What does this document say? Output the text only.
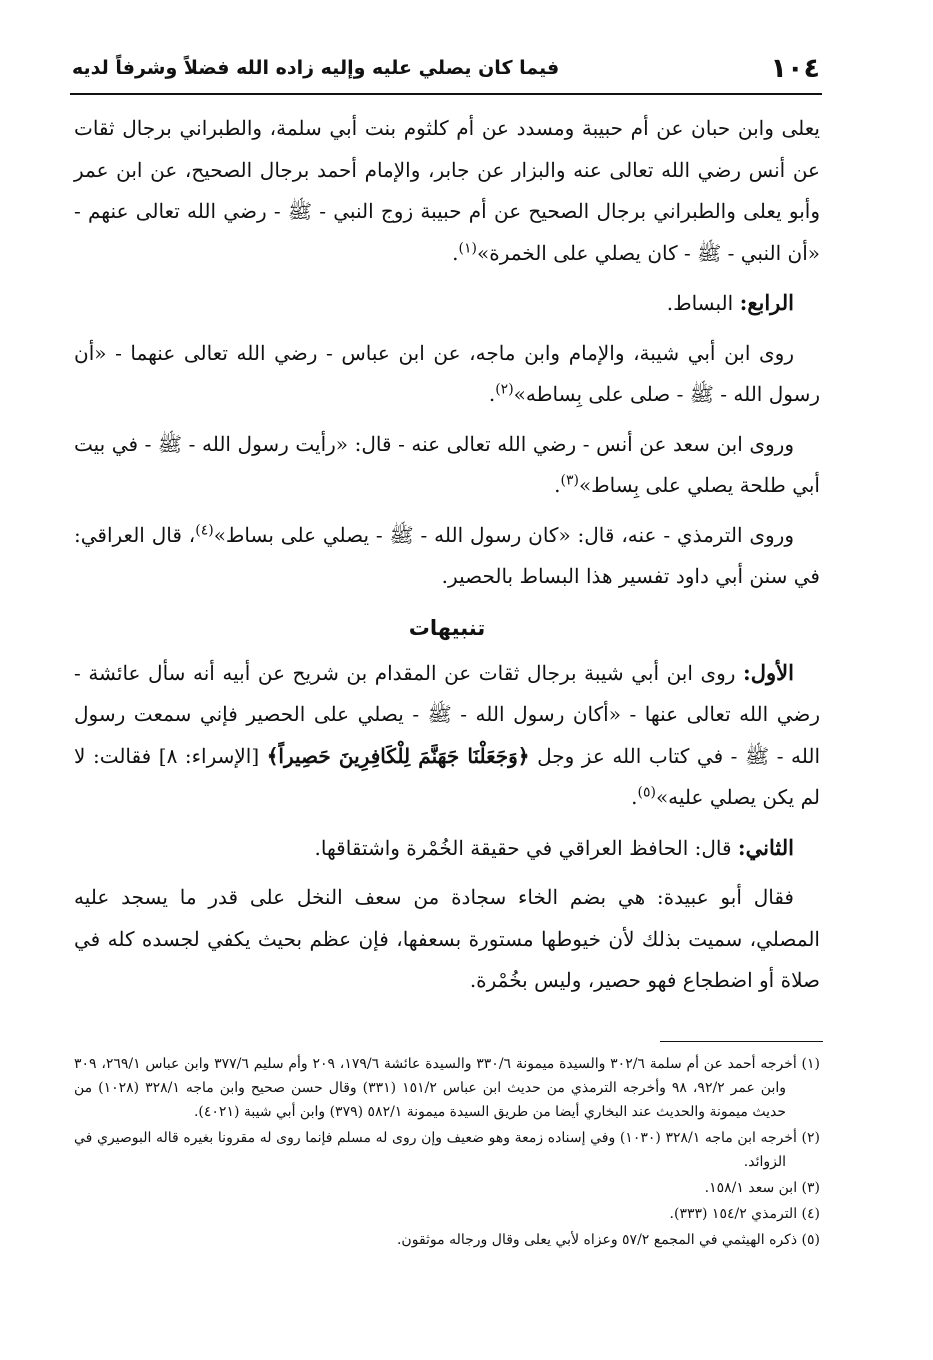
١٠٤
فيما كان يصلي عليه وإليه زاده الله فضلاً وشرفاً لديه

يعلى وابن حبان عن أم حبيبة ومسدد عن أم كلثوم بنت أبي سلمة، والطبراني برجال ثقات عن أنس رضي الله تعالى عنه والبزار عن جابر، والإمام أحمد برجال الصحيح، عن ابن عمر وأبو يعلى والطبراني برجال الصحيح عن أم حبيبة زوج النبي - ﷺ - رضي الله تعالى عنهم - «أن النبي - ﷺ - كان يصلي على الخمرة»$^{(١)}$.

الرابع: البساط.

روى ابن أبي شيبة، والإمام وابن ماجه، عن ابن عباس - رضي الله تعالى عنهما - «أن رسول الله - ﷺ - صلى على بِساطه»$^{(٢)}$.

وروى ابن سعد عن أنس - رضي الله تعالى عنه - قال: «رأيت رسول الله - ﷺ - في بيت أبي طلحة يصلي على بِساط»$^{(٣)}$.

وروى الترمذي - عنه، قال: «كان رسول الله - ﷺ - يصلي على بساط»$^{(٤)}$، قال العراقي: في سنن أبي داود تفسير هذا البساط بالحصير.

تنبيهات

الأول: روى ابن أبي شيبة برجال ثقات عن المقدام بن شريح عن أبيه أنه سأل عائشة - رضي الله تعالى عنها - «أكان رسول الله - ﷺ - يصلي على الحصير فإني سمعت رسول الله - ﷺ - في كتاب الله عز وجل ﴿وَجَعَلْنَا جَهَنَّمَ لِلْكَافِرِينَ حَصِيراً﴾ [الإسراء: ٨] فقالت: لا لم يكن يصلي عليه»$^{(٥)}$.

الثاني: قال: الحافظ العراقي في حقيقة الخُمْرة واشتقاقها.

فقال أبو عبيدة: هي بضم الخاء سجادة من سعف النخل على قدر ما يسجد عليه المصلي، سميت بذلك لأن خيوطها مستورة بسعفها، فإن عظم بحيث يكفي لجسده كله في صلاة أو اضطجاع فهو حصير، وليس بخُمْرة.

(١) أخرجه أحمد عن أم سلمة ٣٠٢/٦ والسيدة ميمونة ٣٣٠/٦ والسيدة عائشة ١٧٩/٦، ٢٠٩ وأم سليم ٣٧٧/٦ وابن عباس ٢٦٩/١، ٣٠٩ وابن عمر ٩٢/٢، ٩٨ وأخرجه الترمذي من حديث ابن عباس ١٥١/٢ (٣٣١) وقال حسن صحيح وابن ماجه ٣٢٨/١ (١٠٢٨) من حديث ميمونة والحديث عند البخاري أيضا من طريق السيدة ميمونة ٥٨٢/١ (٣٧٩) وابن أبي شيبة (٤٠٢١).

(٢) أخرجه ابن ماجه ٣٢٨/١ (١٠٣٠) وفي إسناده زمعة وهو ضعيف وإن روى له مسلم فإنما روى له مقرونا بغيره قاله البوصيري في الزوائد.

(٣) ابن سعد ١٥٨/١.

(٤) الترمذي ١٥٤/٢ (٣٣٣).

(٥) ذكره الهيثمي في المجمع ٥٧/٢ وعزاه لأبي يعلى وقال ورجاله موثقون.
